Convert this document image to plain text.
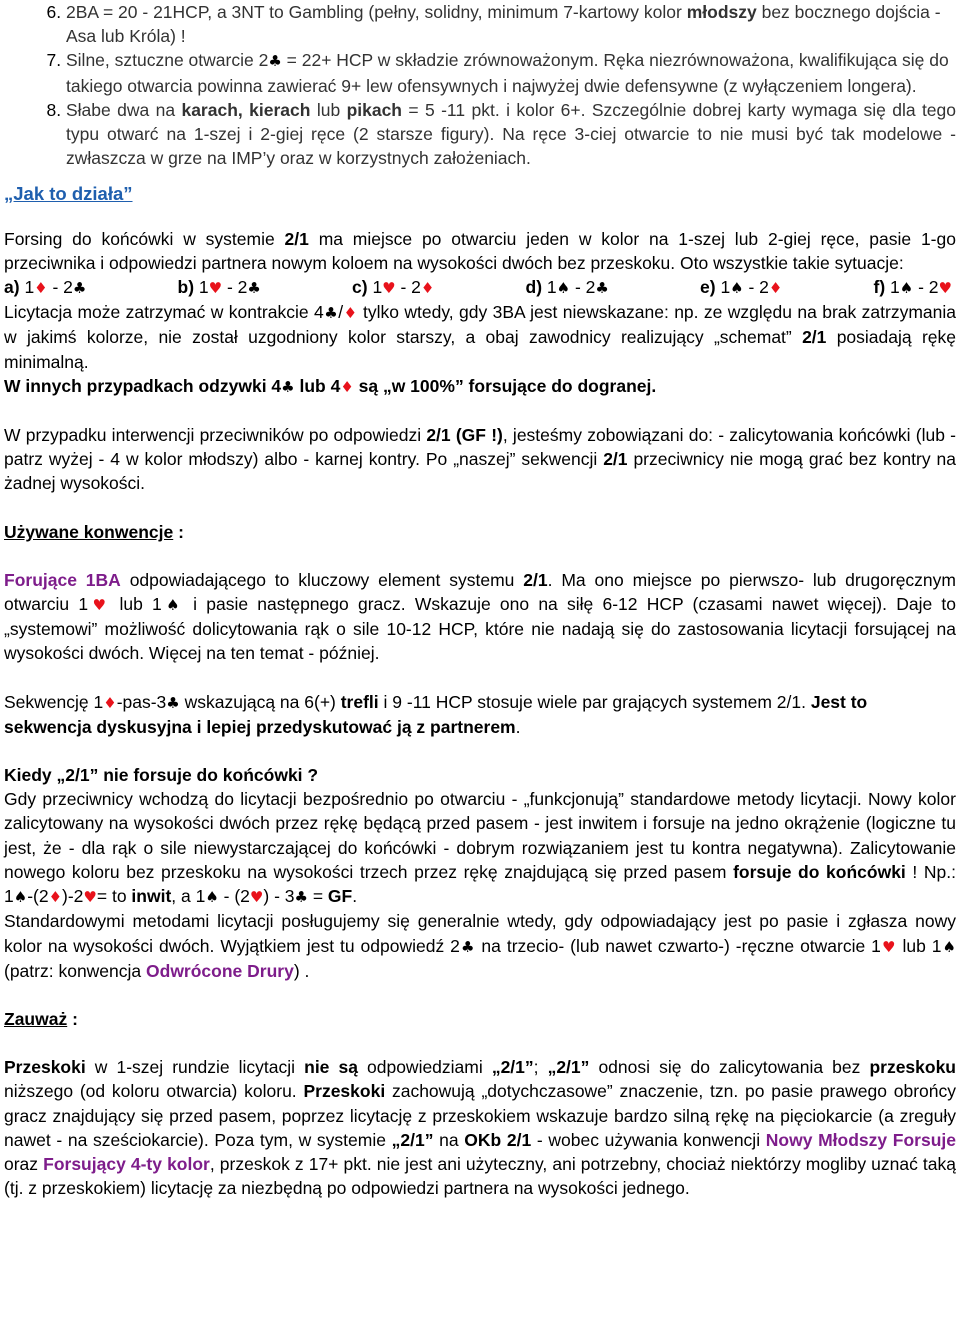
6. 2BA = 20 - 21HCP, a 3NT to Gambling (pełny, solidny, minimum 7-kartowy kolor młodszy bez bocznego dojścia - Asa lub Króla) !
7. Silne, sztuczne otwarcie 2♣ = 22+ HCP w składzie zrównoważonym. Ręka niezrównoważona, kwalifikująca się do takiego otwarcia powinna zawierać 9+ lew ofensywnych i najwyżej dwie defensywne (z wyłączeniem longera).
8. Słabe dwa na karach, kierach lub pikach = 5 -11 pkt. i kolor 6+. Szczególnie dobrej karty wymaga się dla tego typu otwarć na 1-szej i 2-giej ręce (2 starsze figury). Na ręce 3-ciej otwarcie to nie musi być tak modelowe - zwłaszcza w grze na IMP’y oraz w korzystnych założeniach.

„Jak to działa”

Forsing do końcówki w systemie 2/1 ma miejsce po otwarciu jeden w kolor na 1-szej lub 2-giej ręce, pasie 1-go przeciwnika i odpowiedzi partnera nowym koloem na wysokości dwóch bez przeskoku. Oto wszystkie takie sytuacje:

a) 1♦ - 2♣	b) 1♥ - 2♣	c) 1♥ - 2♦	d) 1♠ - 2♣	e) 1♠ - 2♦	f) 1♠ - 2♥

Licytacja może zatrzymać w kontrakcie 4♣/♦ tylko wtedy, gdy 3BA jest niewskazane: np. ze względu na brak zatrzymania w jakimś kolorze, nie został uzgodniony kolor starszy, a obaj zawodnicy realizujący „schemat” 2/1 posiadają rękę minimalną.

W innych przypadkach odzywki 4♣ lub 4♦ są „w 100%” forsujące do dogranej.

W przypadku interwencji przeciwników po odpowiedzi 2/1 (GF !), jesteśmy zobowiązani do: - zalicytowania końcówki (lub - patrz wyżej - 4 w kolor młodszy) albo - karnej kontry. Po „naszej” sekwencji 2/1 przeciwnicy nie mogą grać bez kontry na żadnej wysokości.

Używane konwencje :

Forujące 1BA odpowiadającego to kluczowy element systemu 2/1. Ma ono miejsce po pierwszo- lub drugoręcznym otwarciu 1♥ lub 1♠ i pasie następnego gracz. Wskazuje ono na siłę 6-12 HCP (czasami nawet więcej). Daje to „systemowi” możliwość dolicytowania rąk o sile 10-12 HCP, które nie nadają się do zastosowania licytacji forsującej na wysokości dwóch. Więcej na ten temat - później.

Sekwencję 1♦-pas-3♣ wskazującą na 6(+) trefli i 9 -11 HCP stosuje wiele par grających systemem 2/1. Jest to sekwencja dyskusyjna i lepiej przedyskutować ją z partnerem.

Kiedy „2/1” nie forsuje do końcówki ?

Gdy przeciwnicy wchodzą do licytacji bezpośrednio po otwarciu - „funkcjonują” standardowe metody licytacji. Nowy kolor zalicytowany na wysokości dwóch przez rękę będącą przed pasem - jest inwitem i forsuje na jedno okrążenie (logiczne tu jest, że - dla rąk o sile niewystarczającej do końcówki - dobrym rozwiązaniem jest tu kontra negatywna). Zalicytowanie nowego koloru bez przeskoku na wysokości trzech przez rękę znajdującą się przed pasem forsuje do końcówki ! Np.: 1♠-(2♦)-2♥= to inwit, a 1♠ - (2♥) - 3♣ = GF.

Standardowymi metodami licytacji posługujemy się generalnie wtedy, gdy odpowiadający jest po pasie i zgłasza nowy kolor na wysokości dwóch. Wyjątkiem jest tu odpowiedź 2♣ na trzecio- (lub nawet czwarto-) -ręczne otwarcie 1♥ lub 1♠ (patrz: konwencja Odwrócone Drury) .

Zauważ :

Przeskoki w 1-szej rundzie licytacji nie są odpowiedziami „2/1”; „2/1” odnosi się do zalicytowania bez przeskoku niższego (od koloru otwarcia) koloru. Przeskoki zachowują „dotychczasowe” znaczenie, tzn. po pasie prawego obrońcy gracz znajdujący się przed pasem, poprzez licytację z przeskokiem wskazuje bardzo silną rękę na pięciokarcie (a zreguły nawet - na sześciokarcie). Poza tym, w systemie „2/1” na OKb 2/1 - wobec używania konwencji Nowy Młodszy Forsuje oraz Forsujący 4-ty kolor, przeskok z 17+ pkt. nie jest ani użyteczny, ani potrzebny, chociaż niektórzy mogliby uznać taką (tj. z przeskokiem) licytację za niezbędną po odpowiedzi partnera na wysokości jednego.
